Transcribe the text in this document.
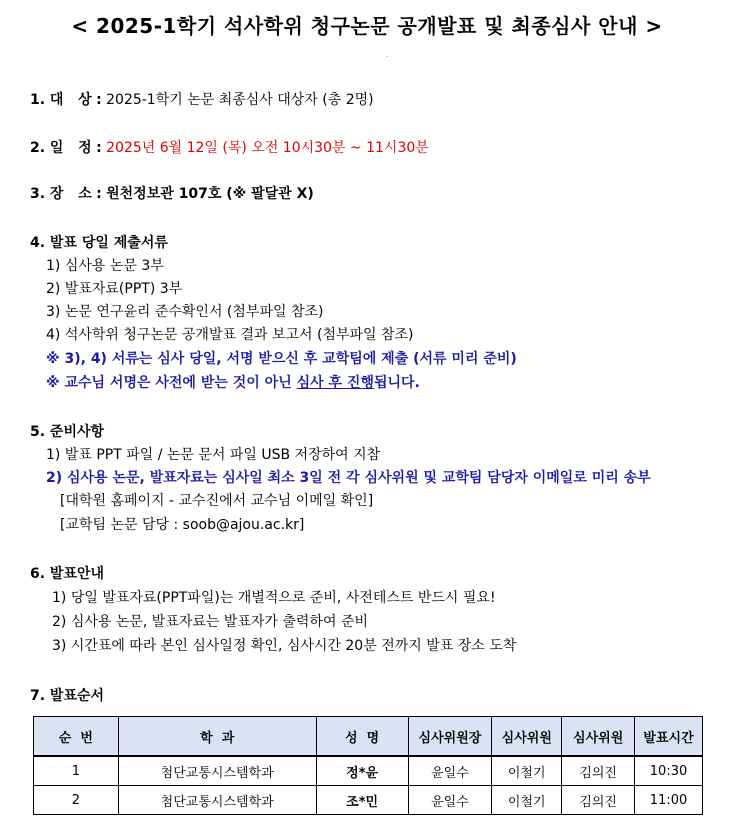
< 2025-1학기 석사학위 청구논문 공개발표 및 최종심사 안내 >
.
1. 대   상 : 2025-1학기 논문 최종심사 대상자 (총 2명)
2. 일   정 : 2025년 6월 12일 (목) 오전 10시30분 ~ 11시30분
3. 장   소 : 원천정보관 107호 (※ 팔달관 X)
4. 발표 당일 제출서류
1) 심사용 논문 3부
2) 발표자료(PPT) 3부
3) 논문 연구윤리 준수확인서 (첨부파일 참조)
4) 석사학위 청구논문 공개발표 결과 보고서 (첨부파일 참조)
※ 3), 4) 서류는 심사 당일, 서명 받으신 후 교학팀에 제출 (서류 미리 준비)
※ 교수님 서명은 사전에 받는 것이 아닌 심사 후 진행됩니다.
5. 준비사항
1) 발표 PPT 파일 / 논문 문서 파일 USB 저장하여 지참
2) 심사용 논문, 발표자료는 심사일 최소 3일 전 각 심사위원 및 교학팀 담당자 이메일로 미리 송부
[대학원 홈페이지 - 교수진에서 교수님 이메일 확인]
[교학팀 논문 담당 : soob@ajou.ac.kr]
6. 발표안내
1) 당일 발표자료(PPT파일)는 개별적으로 준비, 사전테스트 반드시 필요!
2) 심사용 논문, 발표자료는 발표자가 출력하여 준비
3) 시간표에 따라 본인 심사일정 확인, 심사시간 20분 전까지 발표 장소 도착
7. 발표순서
순  번	학  과	성  명	심사위원장	심사위원	심사위원	발표시간
1	첨단교통시스템학과	정*윤	윤일수	이철기	김의진	10:30
2	첨단교통시스템학과	조*민	윤일수	이철기	김의진	11:00
